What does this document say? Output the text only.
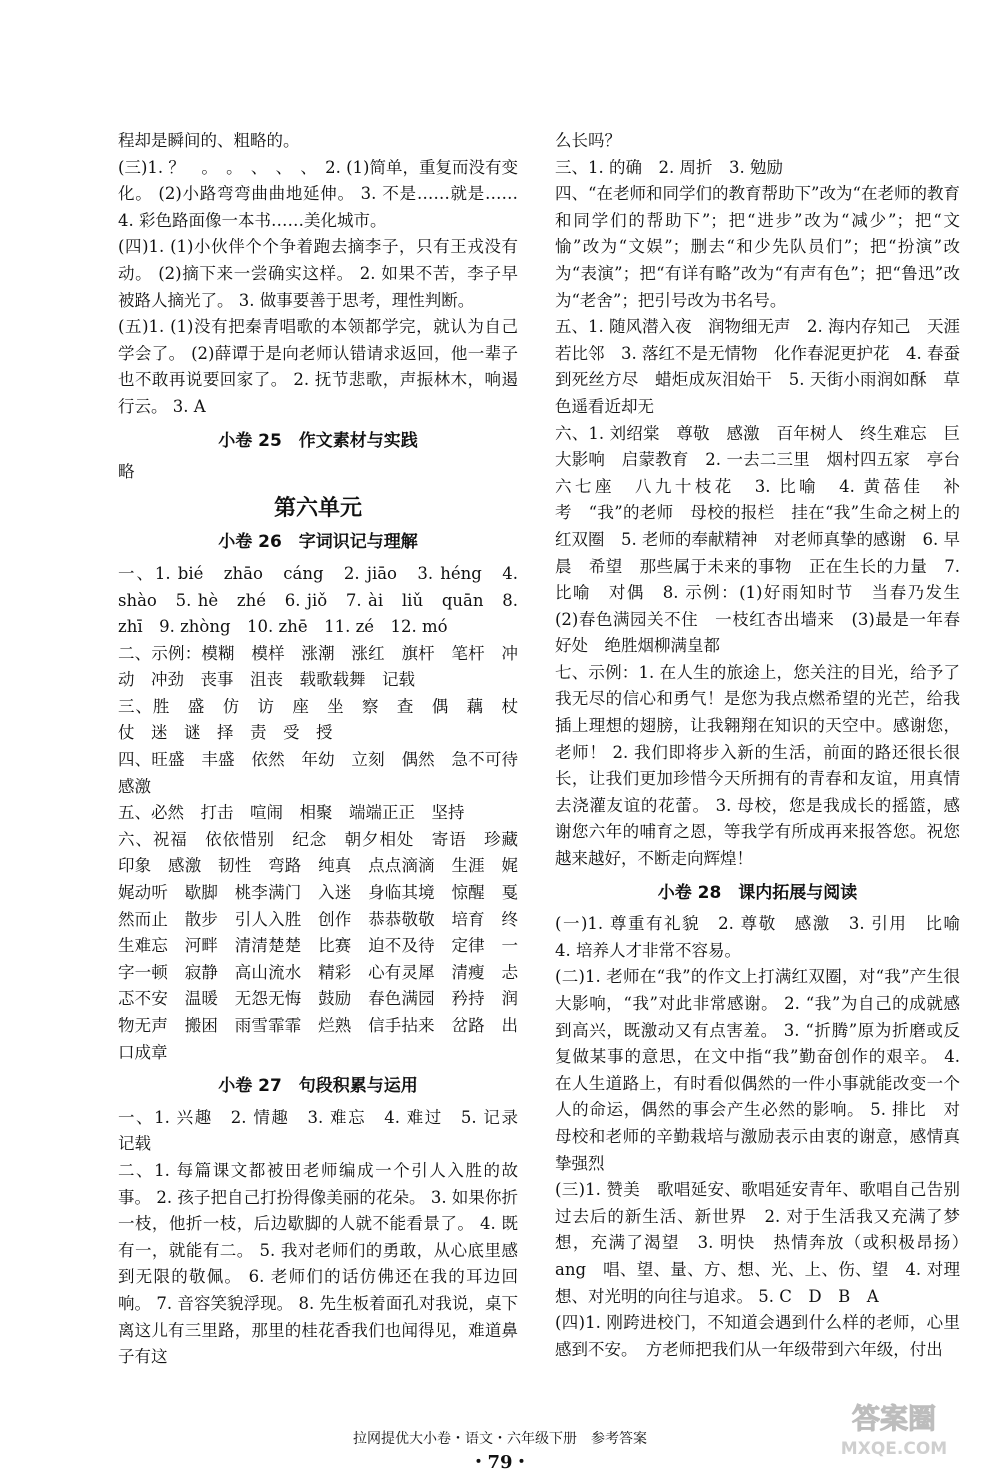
程却是瞬间的、粗略的。
(三)1. ？　。　。　、　、　、　2. (1)简单，重复而没有变化。 (2)小路弯弯曲曲地延伸。 3. 不是……就是…… 4. 彩色路面像一本书……美化城市。
(四)1. (1)小伙伴个个争着跑去摘李子，只有王戎没有动。 (2)摘下来一尝确实这样。 2. 如果不苦，李子早被路人摘光了。 3. 做事要善于思考，理性判断。
(五)1. (1)没有把秦青唱歌的本领都学完，就认为自己学会了。 (2)薛谭于是向老师认错请求返回，他一辈子也不敢再说要回家了。 2. 抚节悲歌，声振林木，响遏行云。 3. A
小卷 25　作文素材与实践
略
第六单元
小卷 26　字词识记与理解
一、1. bié　zhāo　cáng　2. jiāo　3. héng　4. shào　5. hè　zhé　6. jiǒ　7. ài　liǔ　quān　8. zhī　9. zhòng　10. zhē　11. zé　12. mó
二、示例：模糊　模样　涨潮　涨红　旗杆　笔杆　冲动　冲劲　丧事　沮丧　载歌载舞　记载
三、胜　盛　仿　访　座　坐　察　查　偶　藕　杖　仗　迷　谜　择　责　受　授
四、旺盛　丰盛　依然　年幼　立刻　偶然　急不可待　感激
五、必然　打击　喧闹　相聚　端端正正　坚持
六、祝福　依依惜别　纪念　朝夕相处　寄语　珍藏　印象　感激　韧性　弯路　纯真　点点滴滴　生涯　娓娓动听　歇脚　桃李满门　入迷　身临其境　惊醒　戛然而止　散步　引人入胜　创作　恭恭敬敬　培育　终生难忘　河畔　清清楚楚　比赛　迫不及待　定律　一字一顿　寂静　高山流水　精彩　心有灵犀　清瘦　忐忑不安　温暖　无怨无悔　鼓励　春色满园　矜持　润物无声　搬困　雨雪霏霏　烂熟　信手拈来　岔路　出口成章
小卷 27　句段积累与运用
一、1. 兴趣　2. 情趣　3. 难忘　4. 难过　5. 记录　记载
二、1. 每篇课文都被田老师编成一个引人入胜的故事。 2. 孩子把自己打扮得像美丽的花朵。 3. 如果你折一枝，他折一枝，后边歇脚的人就不能看景了。 4. 既有一，就能有二。 5. 我对老师们的勇敢，从心底里感到无限的敬佩。 6. 老师们的话仿佛还在我的耳边回响。 7. 音容笑貌浮现。 8. 先生板着面孔对我说，桌下离这儿有三里路，那里的桂花香我们也闻得见，难道鼻子有这
么长吗？
三、1. 的确　2. 周折　3. 勉励
四、“在老师和同学们的教育帮助下”改为“在老师的教育和同学们的帮助下”；把“进步”改为“减少”；把“文愉”改为“文娱”；删去“和少先队员们”；把“扮演”改为“表演”；把“有详有略”改为“有声有色”；把“鲁迅”改为“老舍”；把引号改为书名号。
五、1. 随风潜入夜　润物细无声　2. 海内存知己　天涯若比邻　3. 落红不是无情物　化作春泥更护花　4. 春蚕到死丝方尽　蜡炬成灰泪始干　5. 天街小雨润如酥　草色遥看近却无
六、1. 刘绍棠　尊敬　感激　百年树人　终生难忘　巨大影响　启蒙教育　2. 一去二三里　烟村四五家　亭台六七座　八九十枝花　3. 比喻　4. 黄蓓佳　补考　“我”的老师　母校的报栏　挂在“我”生命之树上的红双圈　5. 老师的奉献精神　对老师真挚的感谢　6. 早晨　希望　那些属于未来的事物　正在生长的力量　7. 比喻　对偶　8. 示例：(1)好雨知时节　当春乃发生　(2)春色满园关不住　一枝红杏出墙来　(3)最是一年春好处　绝胜烟柳满皇都
七、示例：1. 在人生的旅途上，您关注的目光，给予了我无尽的信心和勇气！是您为我点燃希望的光芒，给我插上理想的翅膀，让我翱翔在知识的天空中。感谢您，老师！ 2. 我们即将步入新的生活，前面的路还很长很长，让我们更加珍惜今天所拥有的青春和友谊，用真情去浇灌友谊的花蕾。 3. 母校，您是我成长的摇篮，感谢您六年的哺育之恩，等我学有所成再来报答您。祝您越来越好，不断走向辉煌！
小卷 28　课内拓展与阅读
(一)1. 尊重有礼貌　2. 尊敬　感激　3. 引用　比喻　4. 培养人才非常不容易。
(二)1. 老师在“我”的作文上打满红双圈，对“我”产生很大影响，“我”对此非常感谢。 2. “我”为自己的成就感到高兴，既激动又有点害羞。 3. “折腾”原为折磨或反复做某事的意思，在文中指“我”勤奋创作的艰辛。 4. 在人生道路上，有时看似偶然的一件小事就能改变一个人的命运，偶然的事会产生必然的影响。 5. 排比　对母校和老师的辛勤栽培与激励表示由衷的谢意，感情真挚强烈
(三)1. 赞美　歌唱延安、歌唱延安青年、歌唱自己告别过去后的新生活、新世界　2. 对于生活我又充满了梦想，充满了渴望　3. 明快　热情奔放（或积极昂扬）　ang　唱、望、量、方、想、光、上、伤、望　4. 对理想、对光明的向往与追求。 5. C　D　B　A
(四)1. 刚跨进校门，不知道会遇到什么样的老师，心里感到不安。　方老师把我们从一年级带到六年级，付出
拉网提优大小卷・语文・六年级下册　参考答案
・79・
答案圈
MXQE.COM
